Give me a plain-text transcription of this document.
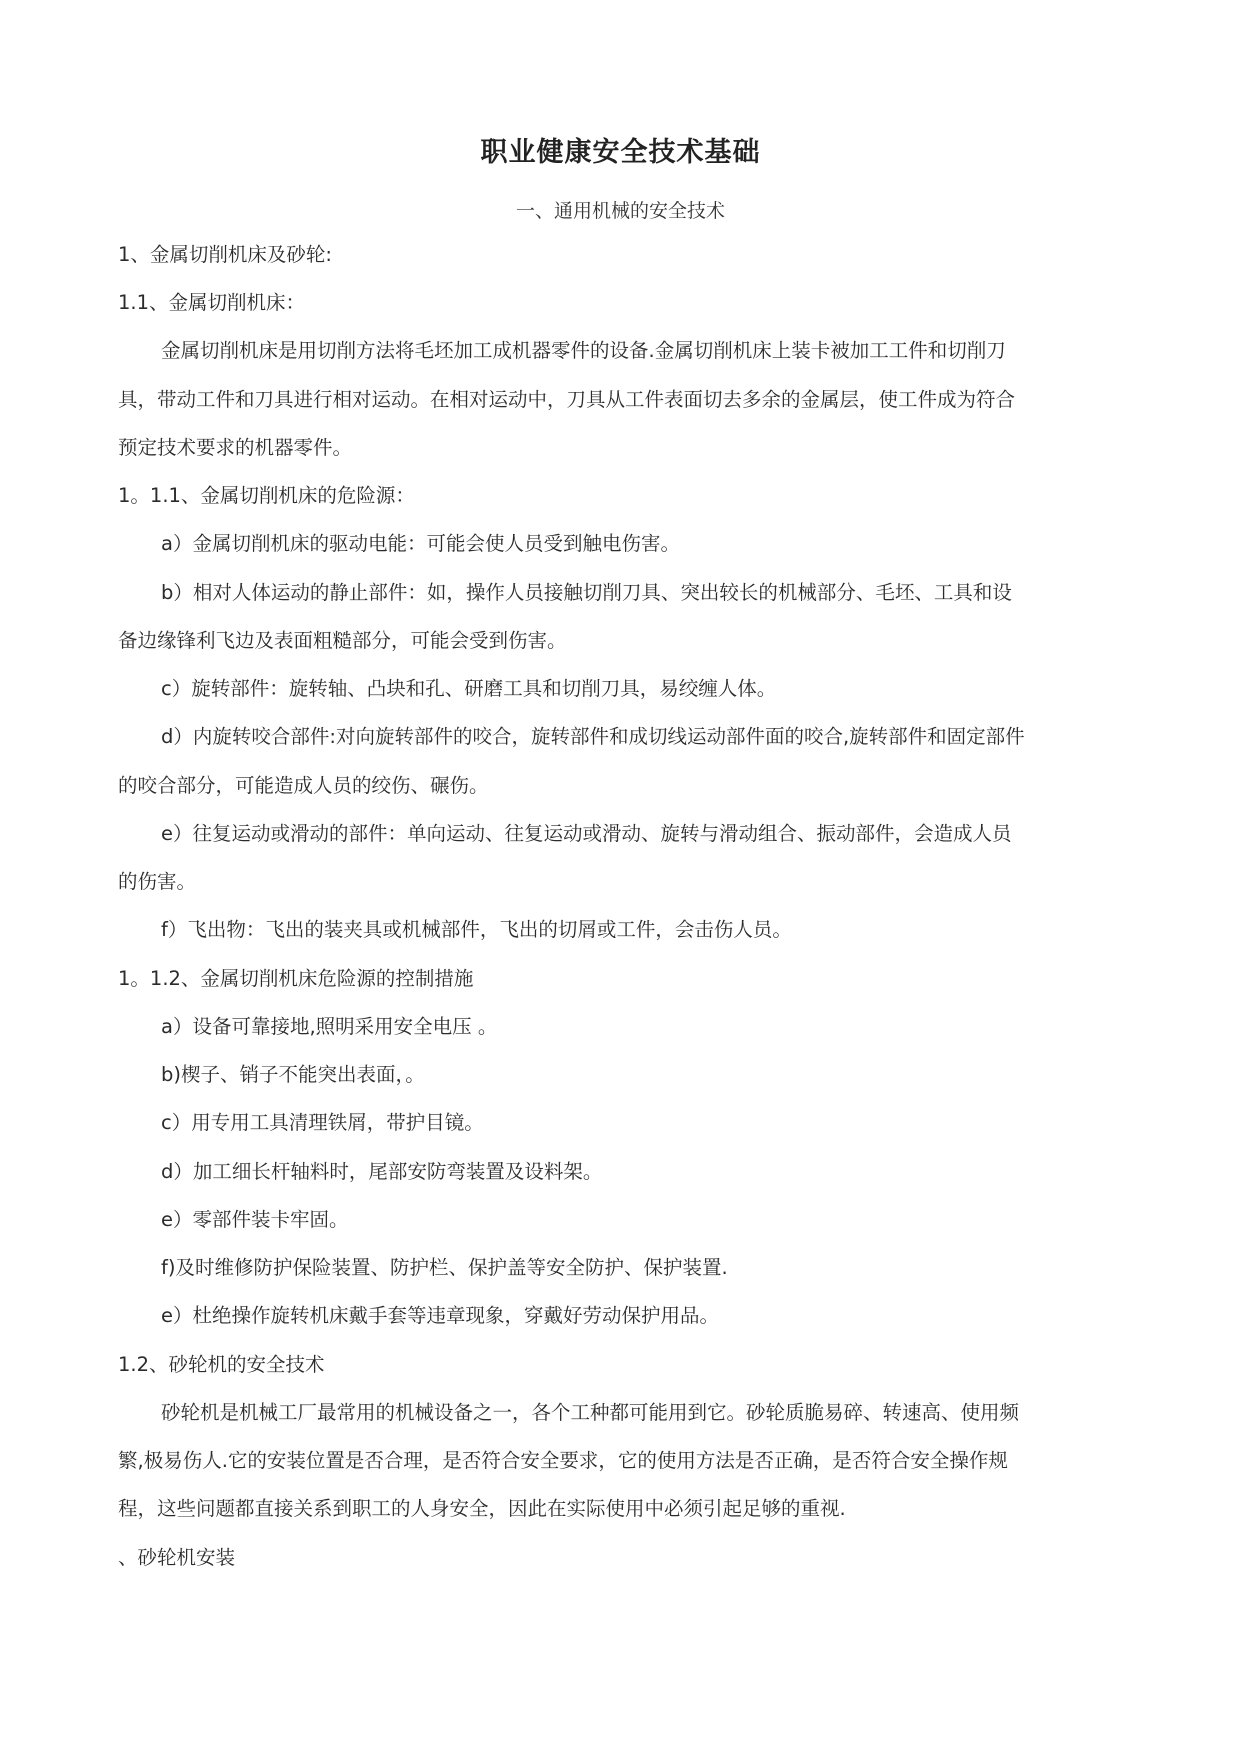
职业健康安全技术基础
一、通用机械的安全技术
1、金属切削机床及砂轮:
1.1、金属切削机床：
金属切削机床是用切削方法将毛坯加工成机器零件的设备.金属切削机床上装卡被加工工件和切削刀
具，带动工件和刀具进行相对运动。在相对运动中，刀具从工件表面切去多余的金属层，使工件成为符合
预定技术要求的机器零件。
1。1.1、金属切削机床的危险源：
a）金属切削机床的驱动电能：可能会使人员受到触电伤害。
b）相对人体运动的静止部件：如，操作人员接触切削刀具、突出较长的机械部分、毛坯、工具和设
备边缘锋利飞边及表面粗糙部分，可能会受到伤害。
c）旋转部件：旋转轴、凸块和孔、研磨工具和切削刀具，易绞缠人体。
d）内旋转咬合部件:对向旋转部件的咬合，旋转部件和成切线运动部件面的咬合,旋转部件和固定部件
的咬合部分，可能造成人员的绞伤、碾伤。
e）往复运动或滑动的部件：单向运动、往复运动或滑动、旋转与滑动组合、振动部件，会造成人员
的伤害。
f）飞出物：飞出的装夹具或机械部件，飞出的切屑或工件，会击伤人员。
1。1.2、金属切削机床危险源的控制措施
a）设备可靠接地,照明采用安全电压 。
b)楔子、销子不能突出表面，。
c）用专用工具清理铁屑，带护目镜。
d）加工细长杆轴料时，尾部安防弯装置及设料架。
e）零部件装卡牢固。
f)及时维修防护保险装置、防护栏、保护盖等安全防护、保护装置.
e）杜绝操作旋转机床戴手套等违章现象，穿戴好劳动保护用品。
1.2、砂轮机的安全技术
砂轮机是机械工厂最常用的机械设备之一，各个工种都可能用到它。砂轮质脆易碎、转速高、使用频
繁,极易伤人.它的安装位置是否合理，是否符合安全要求，它的使用方法是否正确，是否符合安全操作规
程，这些问题都直接关系到职工的人身安全，因此在实际使用中必须引起足够的重视.
、砂轮机安装
